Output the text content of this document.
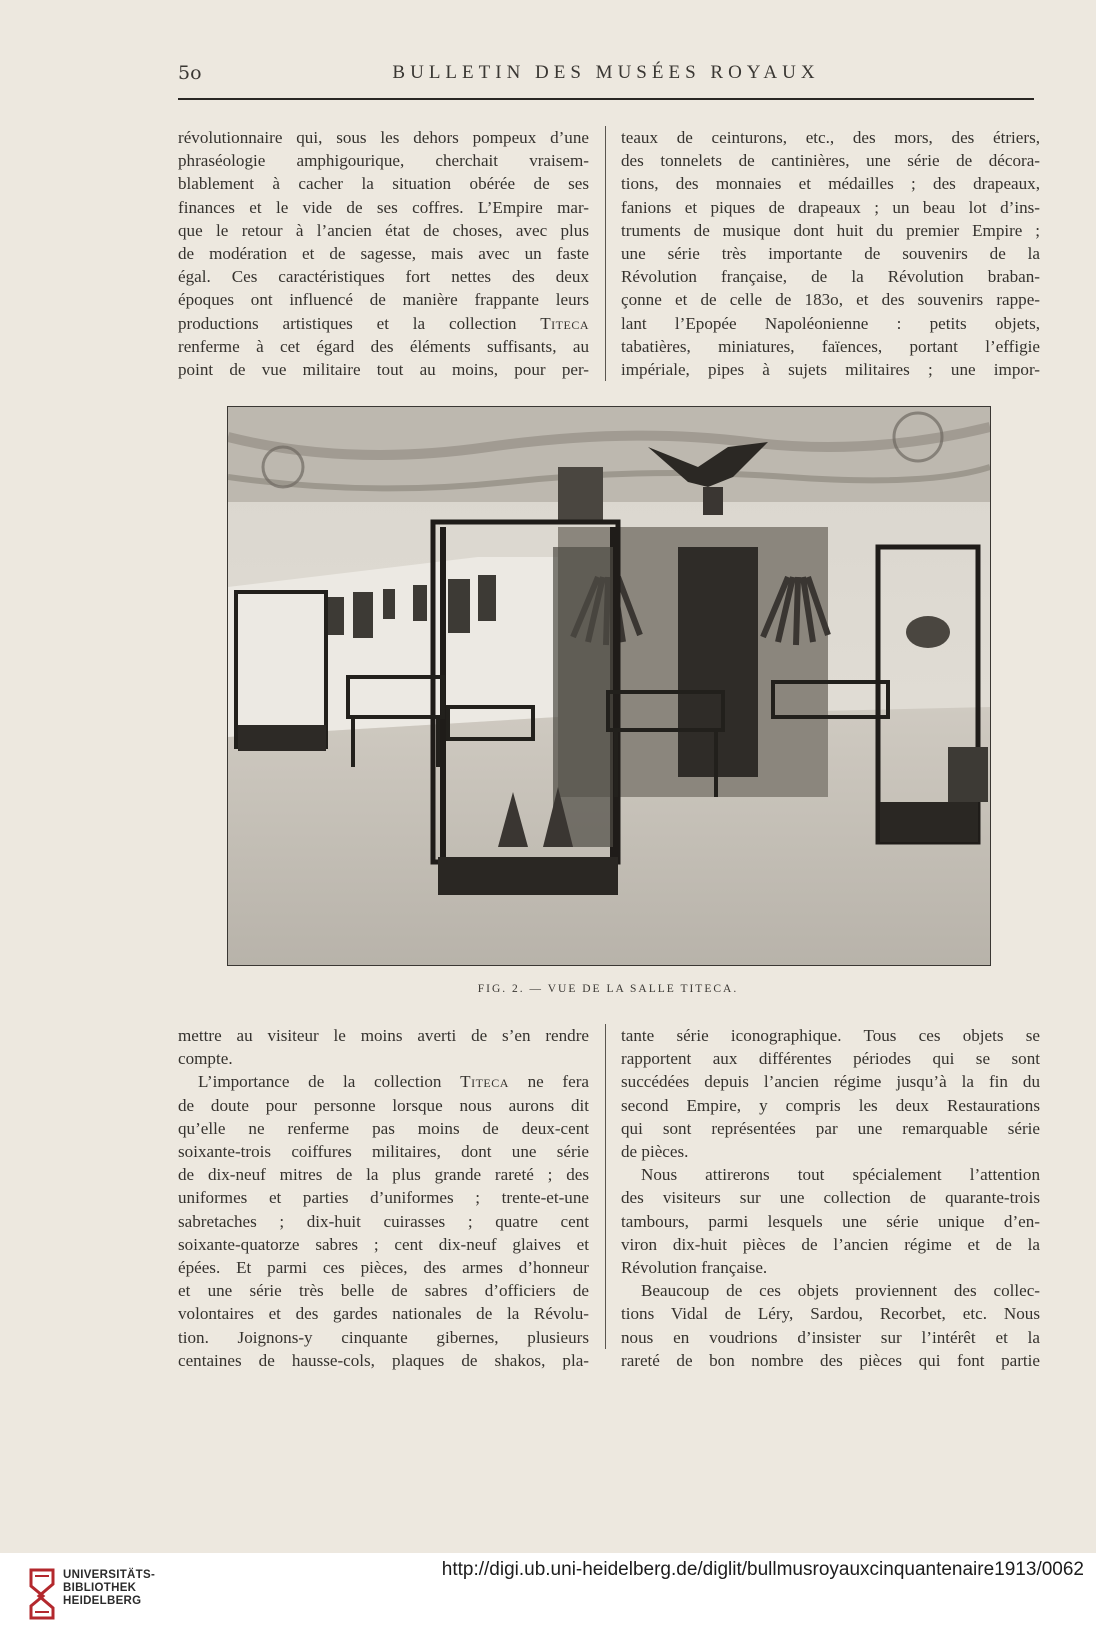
5o	BULLETIN DES MUSÉES ROYAUX

révolutionnaire qui, sous les dehors pompeux d’une

phraséologie amphigourique, cherchait vraisem-

blablement à cacher la situation obérée de ses

finances et le vide de ses coffres. L’Empire mar-

que le retour à l’ancien état de choses, avec plus

de modération et de sagesse, mais avec un faste

égal. Ces caractéristiques fort nettes des deux

époques ont influencé de manière frappante leurs

productions artistiques et la collection Titeca

renferme à cet égard des éléments suffisants, au

point de vue militaire tout au moins, pour per-

teaux de ceinturons, etc., des mors, des étriers,

des tonnelets de cantinières, une série de décora-

tions, des monnaies et médailles ; des drapeaux,

fanions et piques de drapeaux ; un beau lot d’ins-

truments de musique dont huit du premier Empire ;

une série très importante de souvenirs de la

Révolution française, de la Révolution braban-

çonne et de celle de 183o, et des souvenirs rappe-

lant l’Epopée Napoléonienne : petits objets,

tabatières, miniatures, faïences, portant l’effigie

impériale, pipes à sujets militaires ; une impor-

FIG. 2. — VUE DE LA SALLE TITECA.

mettre au visiteur le moins averti de s’en rendre

compte.

L’importance de la collection Titeca ne fera

de doute pour personne lorsque nous aurons dit

qu’elle ne renferme pas moins de deux-cent

soixante-trois coiffures militaires, dont une série

de dix-neuf mitres de la plus grande rareté ; des

uniformes et parties d’uniformes ; trente-et-une

sabretaches ; dix-huit cuirasses ; quatre cent

soixante-quatorze sabres ; cent dix-neuf glaives et

épées. Et parmi ces pièces, des armes d’honneur

et une série très belle de sabres d’officiers de

volontaires et des gardes nationales de la Révolu-

tion. Joignons-y cinquante gibernes, plusieurs

centaines de hausse-cols, plaques de shakos, pla-

tante série iconographique. Tous ces objets se

rapportent aux différentes périodes qui se sont

succédées depuis l’ancien régime jusqu’à la fin du

second Empire, y compris les deux Restaurations

qui sont représentées par une remarquable série

de pièces.

Nous attirerons tout spécialement l’attention

des visiteurs sur une collection de quarante-trois

tambours, parmi lesquels une série unique d’en-

viron dix-huit pièces de l’ancien régime et de la

Révolution française.

Beaucoup de ces objets proviennent des collec-

tions Vidal de Léry, Sardou, Recorbet, etc. Nous

nous en voudrions d’insister sur l’intérêt et la

rareté de bon nombre des pièces qui font partie

UNIVERSITÄTS-
BIBLIOTHEK
HEIDELBERG
http://digi.ub.uni-heidelberg.de/diglit/bullmusroyauxcinquantenaire1913/0062
